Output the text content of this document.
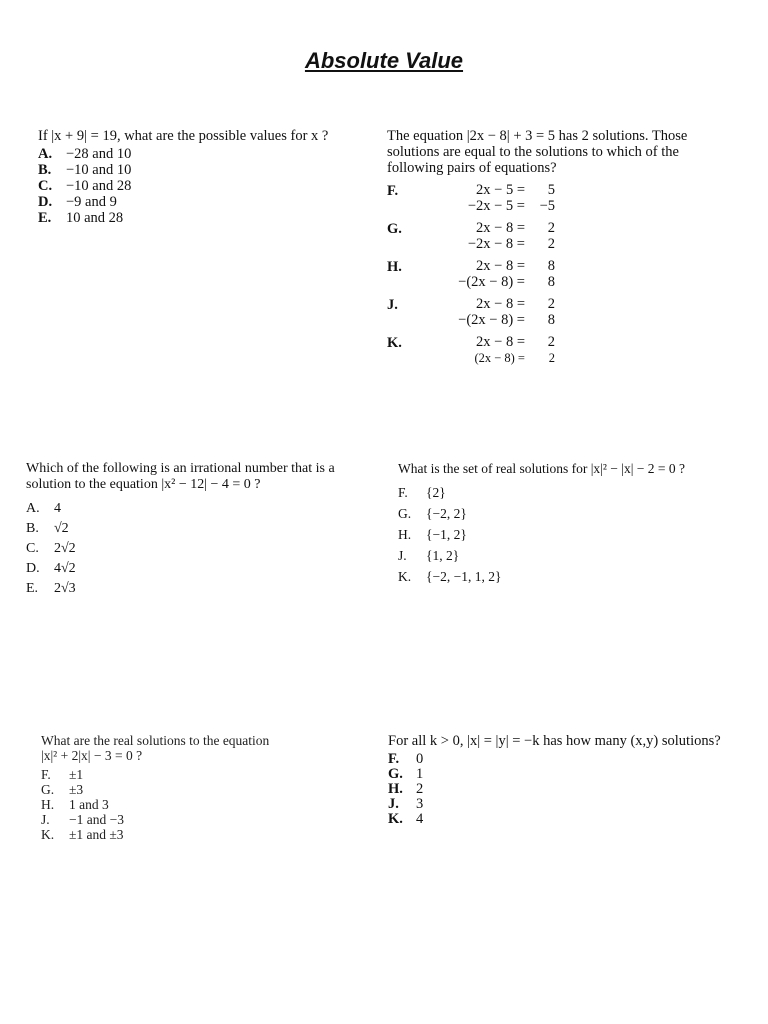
Absolute Value
If |x + 9| = 19, what are the possible values for x ?
A. −28 and 10
B.	−10 and 10
C. −10 and 28
D. −9 and 9
E.	10 and 28
The equation |2x − 8| + 3 = 5 has 2 solutions. Those solutions are equal to the solutions to which of the following pairs of equations?
F.	2x − 5 =	5
−2x − 5 =	−5
G.	2x − 8 =	2
−2x − 8 =	2
H.	2x − 8 =	8
−(2x − 8) =	8
J.	2x − 8 =	2
−(2x − 8) =	8
K.	2x − 8 =	2
(2x − 8) =	2
Which of the following is an irrational number that is a solution to the equation |x² − 12| − 4 = 0 ?
A.	4
B.	√2
C.	2√2
D.	4√2
E.	2√3
What is the set of real solutions for |x|² − |x| − 2 = 0 ?
F.	{2}
G.	{−2, 2}
H.	{−1, 2}
J.	{1, 2}
K.	{−2, −1, 1, 2}
What are the real solutions to the equation
|x|² + 2|x| − 3 = 0 ?
F.	±1
G.	±3
H.	1 and 3
J.	−1 and −3
K.	±1 and ±3
For all k > 0, |x| = |y| = −k has how many (x,y) solutions?
F.	0
G. 1
H. 2
J.	3
K. 4
